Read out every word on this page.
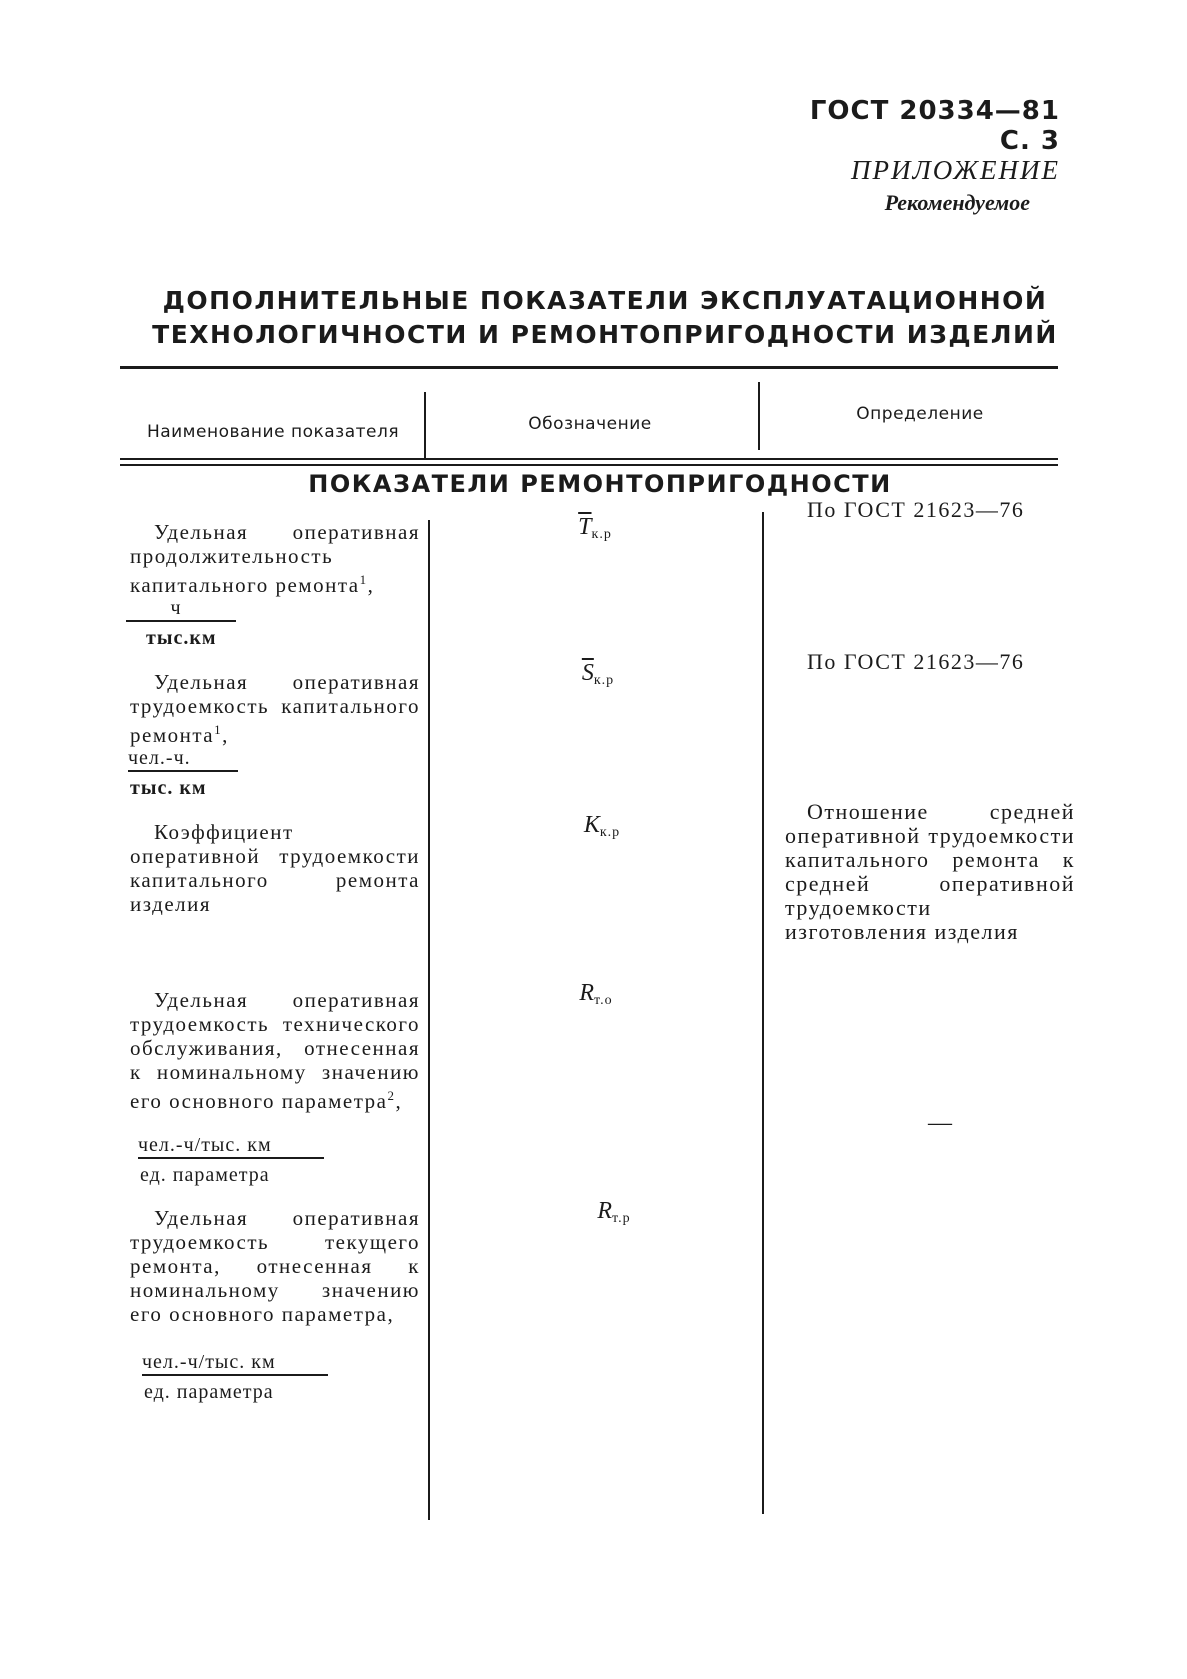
ГОСТ 20334—81 С. 3
ПРИЛОЖЕНИЕ
Рекомендуемое
ДОПОЛНИТЕЛЬНЫЕ ПОКАЗАТЕЛИ ЭКСПЛУАТАЦИОННОЙ
ТЕХНОЛОГИЧНОСТИ И РЕМОНТОПРИГОДНОСТИ ИЗДЕЛИЙ
Наименование показателя	Обозначение	Определение
ПОКАЗАТЕЛИ РЕМОНТОПРИГОДНОСТИ
Удельная оперативная продолжительность капитального ремонта$^1$,
ч
тыс.км
$\overline{T}_{к.р}$
По ГОСТ 21623—76
Удельная оперативная трудоемкость капитального ремонта$^1$,
чел.-ч.
тыс. км
$\overline{S}_{к.р}$
По ГОСТ 21623—76
Коэффициент оперативной трудоемкости капитального ремонта изделия
$K_{к.р}$
Отношение средней оперативной трудоемкости капитального ремонта к средней оперативной трудоемкости изготовления изделия
Удельная оперативная трудоемкость технического обслуживания, отнесенная к номинальному значению его основного параметра$^2$,
чел.-ч/тыс. км
ед. параметра
$R_{т.о}$
—
Удельная оперативная трудоемкость текущего ремонта, отнесенная к номинальному значению его основного параметра,
чел.-ч/тыс. км
ед. параметра
$R_{т.р}$
